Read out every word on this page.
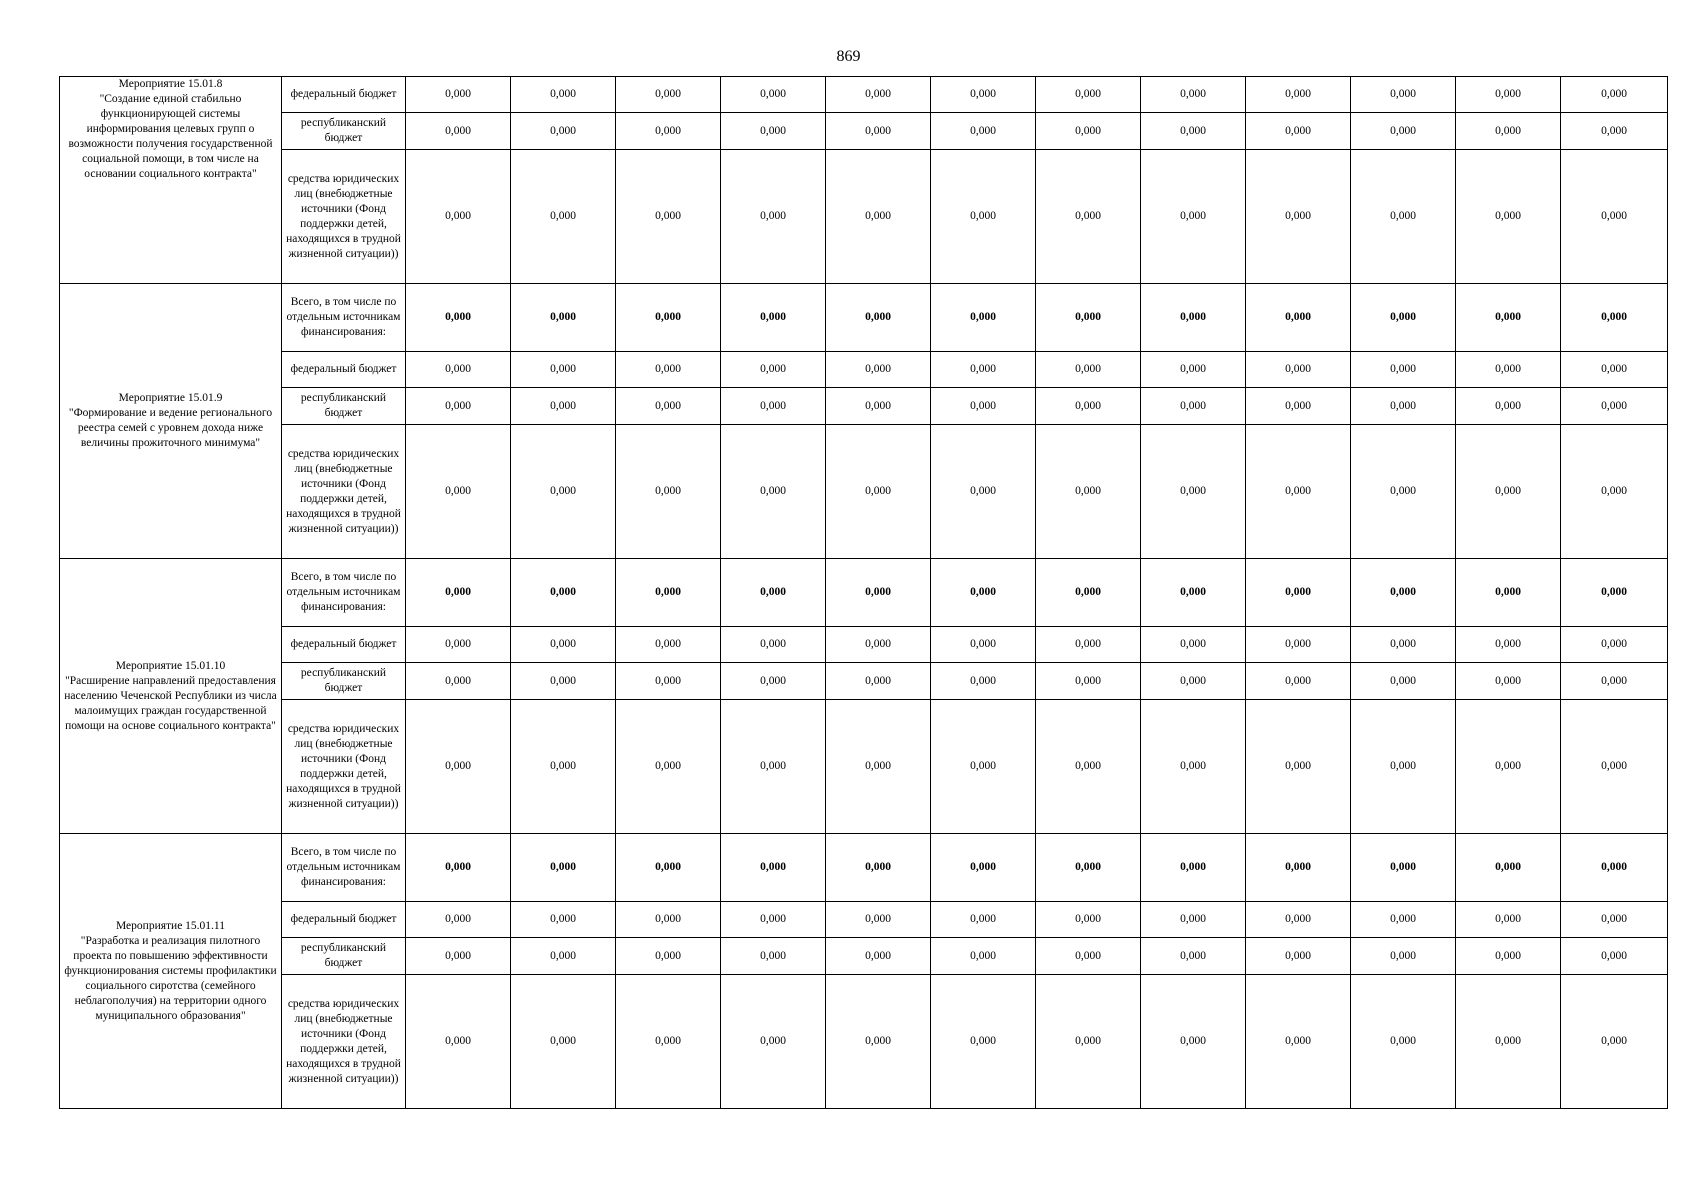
869
Мероприятие 15.01.8
"Создание единой стабильно функционирующей системы информирования целевых групп о возможности получения государственной социальной помощи, в том числе на основании социального контракта"	федеральный бюджет	0,000	0,000	0,000	0,000	0,000	0,000	0,000	0,000	0,000	0,000	0,000	0,000
	республиканский бюджет	0,000	0,000	0,000	0,000	0,000	0,000	0,000	0,000	0,000	0,000	0,000	0,000
	средства юридических лиц (внебюджетные источники (Фонд поддержки детей, находящихся в трудной жизненной ситуации))	0,000	0,000	0,000	0,000	0,000	0,000	0,000	0,000	0,000	0,000	0,000	0,000

Мероприятие 15.01.9
"Формирование и ведение регионального реестра семей с уровнем дохода ниже величины прожиточного минимума"	Всего, в том числе по отдельным источникам финансирования:	0,000	0,000	0,000	0,000	0,000	0,000	0,000	0,000	0,000	0,000	0,000	0,000
	федеральный бюджет	0,000	0,000	0,000	0,000	0,000	0,000	0,000	0,000	0,000	0,000	0,000	0,000
	республиканский бюджет	0,000	0,000	0,000	0,000	0,000	0,000	0,000	0,000	0,000	0,000	0,000	0,000
	средства юридических лиц (внебюджетные источники (Фонд поддержки детей, находящихся в трудной жизненной ситуации))	0,000	0,000	0,000	0,000	0,000	0,000	0,000	0,000	0,000	0,000	0,000	0,000

Мероприятие 15.01.10
"Расширение направлений предоставления населению Чеченской Республики из числа малоимущих граждан государственной помощи на основе социального контракта"	Всего, в том числе по отдельным источникам финансирования:	0,000	0,000	0,000	0,000	0,000	0,000	0,000	0,000	0,000	0,000	0,000	0,000
	федеральный бюджет	0,000	0,000	0,000	0,000	0,000	0,000	0,000	0,000	0,000	0,000	0,000	0,000
	республиканский бюджет	0,000	0,000	0,000	0,000	0,000	0,000	0,000	0,000	0,000	0,000	0,000	0,000
	средства юридических лиц (внебюджетные источники (Фонд поддержки детей, находящихся в трудной жизненной ситуации))	0,000	0,000	0,000	0,000	0,000	0,000	0,000	0,000	0,000	0,000	0,000	0,000

Мероприятие 15.01.11
"Разработка и реализация пилотного проекта по повышению эффективности функционирования системы профилактики социального сиротства (семейного неблагополучия) на территории одного муниципального образования"	Всего, в том числе по отдельным источникам финансирования:	0,000	0,000	0,000	0,000	0,000	0,000	0,000	0,000	0,000	0,000	0,000	0,000
	федеральный бюджет	0,000	0,000	0,000	0,000	0,000	0,000	0,000	0,000	0,000	0,000	0,000	0,000
	республиканский бюджет	0,000	0,000	0,000	0,000	0,000	0,000	0,000	0,000	0,000	0,000	0,000	0,000
	средства юридических лиц (внебюджетные источники (Фонд поддержки детей, находящихся в трудной жизненной ситуации))	0,000	0,000	0,000	0,000	0,000	0,000	0,000	0,000	0,000	0,000	0,000	0,000
